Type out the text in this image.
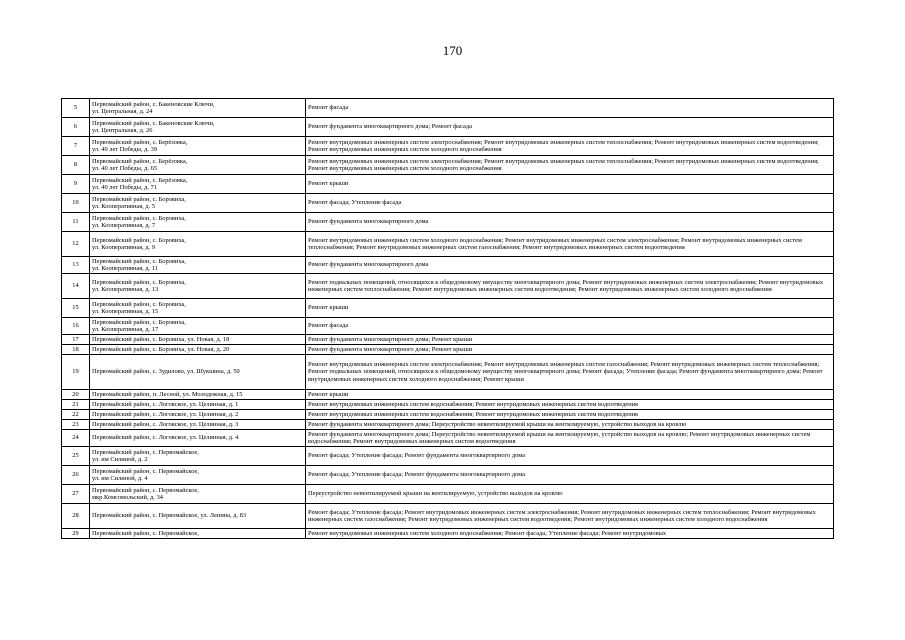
170
5	Первомайский район, с. Бакеновские Ключи,
ул. Центральная, д. 24	Ремонт фасада
6	Первомайский район, с. Бакеновские Ключи,
ул. Центральная, д. 26	Ремонт фундамента многоквартирного дома; Ремонт фасада
7	Первомайский район, с. Берёзовка,
ул. 40 лет Победы, д. 39	Ремонт внутридомовых инженерных систем электроснабжения; Ремонт внутридомовых инженерных систем теплоснабжения; Ремонт внутридомовых инженерных систем водоотведения; Ремонт внутридомовых инженерных систем холодного водоснабжения
8	Первомайский район, с. Берёзовка,
ул. 40 лет Победы, д. 65	Ремонт внутридомовых инженерных систем электроснабжения; Ремонт внутридомовых инженерных систем теплоснабжения; Ремонт внутридомовых инженерных систем водоотведения; Ремонт внутридомовых инженерных систем холодного водоснабжения
9	Первомайский район, с. Берёзовка,
ул. 40 лет Победы, д. 71	Ремонт крыши
10	Первомайский район, с. Боровиха,
ул. Кооперативная, д. 5	Ремонт фасада; Утепление фасада
11	Первомайский район, с. Боровиха,
ул. Кооперативная, д. 7	Ремонт фундамента многоквартирного дома
12	Первомайский район, с. Боровиха,
ул. Кооперативная, д. 9	Ремонт внутридомовых инженерных систем холодного водоснабжения; Ремонт внутридомовых инженерных систем электроснабжения; Ремонт внутридомовых инженерных систем теплоснабжения; Ремонт внутридомовых инженерных систем газоснабжения; Ремонт внутридомовых инженерных систем водоотведения
13	Первомайский район, с. Боровиха,
ул. Кооперативная, д. 11	Ремонт фундамента многоквартирного дома
14	Первомайский район, с. Боровиха,
ул. Кооперативная, д. 13	Ремонт подвальных помещений, относящихся к общедомовому имуществу многоквартирного дома; Ремонт внутридомовых инженерных систем электроснабжения; Ремонт внутридомовых инженерных систем теплоснабжения; Ремонт внутридомовых инженерных систем водоотведения; Ремонт внутридомовых инженерных систем холодного водоснабжения
15	Первомайский район, с. Боровиха,
ул. Кооперативная, д. 15	Ремонт крыши
16	Первомайский район, с. Боровиха,
ул. Кооперативная, д. 17	Ремонт фасада
17	Первомайский район, с. Боровиха, ул. Новая, д. 18	Ремонт фундамента многоквартирного дома; Ремонт крыши
18	Первомайский район, с. Боровиха, ул. Новая, д. 20	Ремонт фундамента многоквартирного дома; Ремонт крыши
19	Первомайский район, с. Зудилово, ул. Шукшина, д. 50	Ремонт внутридомовых инженерных систем электроснабжения; Ремонт внутридомовых инженерных систем газоснабжения; Ремонт внутридомовых инженерных систем теплоснабжения; Ремонт подвальных помещений, относящихся к общедомовому имуществу многоквартирного дома; Ремонт фасада; Утепление фасада; Ремонт фундамента многоквартирного дома; Ремонт внутридомовых инженерных систем холодного водоснабжения; Ремонт крыши
20	Первомайский район, п. Лесной, ул. Молодежная, д. 15	Ремонт крыши
21	Первомайский район, с. Логовское, ул. Целинная, д. 1	Ремонт внутридомовых инженерных систем водоснабжения; Ремонт внутридомовых инженерных систем водоотведения
22	Первомайский район, с. Логовское, ул. Целинная, д. 2	Ремонт внутридомовых инженерных систем водоснабжения; Ремонт внутридомовых инженерных систем водоотведения
23	Первомайский район, с. Логовское, ул. Целинная, д. 3	Ремонт фундамента многоквартирного дома; Переустройство невентилируемой крыши на вентилируемую, устройство выходов на кровлю
24	Первомайский район, с. Логовское, ул. Целинная, д. 4	Ремонт фундамента многоквартирного дома; Переустройство невентилируемой крыши на вентилируемую, устройство выходов на кровлю; Ремонт внутридомовых инженерных систем водоснабжения; Ремонт внутридомовых инженерных систем водоотведения
25	Первомайский район, с. Первомайское,
ул. им Силиной, д. 2	Ремонт фасада; Утепление фасада; Ремонт фундамента многоквартирного дома
26	Первомайский район, с. Первомайское,
ул. им Силиной, д. 4	Ремонт фасада; Утепление фасада; Ремонт фундамента многоквартирного дома
27	Первомайский район, с. Первомайское,
мкр.Комсомольский, д. 34	Переустройство невентилируемой крыши на вентилируемую, устройство выходов на кровлю
28	Первомайский район, с. Первомайское, ул. Ленина, д. 83	Ремонт фасада; Утепление фасада; Ремонт внутридомовых инженерных систем электроснабжения; Ремонт внутридомовых инженерных систем теплоснабжения; Ремонт внутридомовых инженерных систем газоснабжения; Ремонт внутридомовых инженерных систем водоотведения; Ремонт внутридомовых инженерных систем холодного водоснабжения
29	Первомайский район, с. Первомайское,	Ремонт внутридомовых инженерных систем холодного водоснабжения; Ремонт фасада; Утепление фасада; Ремонт внутридомовых
